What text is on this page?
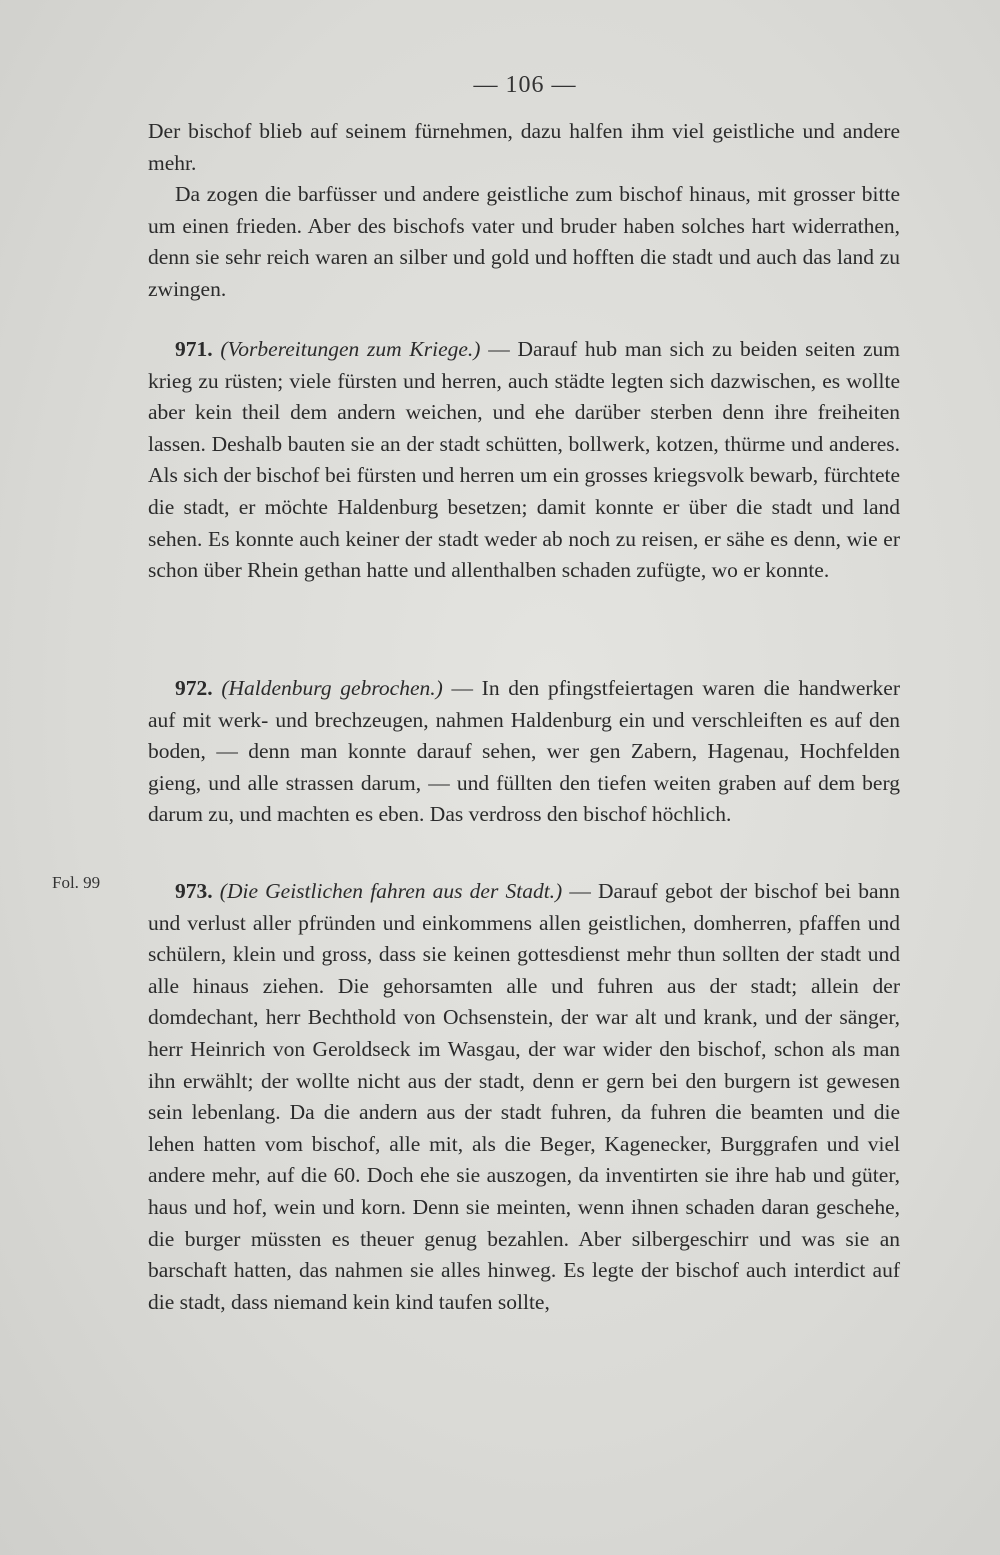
— 106 —
Fol. 99

Der bischof blieb auf seinem fürnehmen, dazu halfen ihm viel geistliche und andere mehr.

Da zogen die barfüsser und andere geistliche zum bischof hinaus, mit grosser bitte um einen frieden. Aber des bischofs vater und bruder haben solches hart widerrathen, denn sie sehr reich waren an silber und gold und hofften die stadt und auch das land zu zwingen.

971. (Vorbereitungen zum Kriege.) — Darauf hub man sich zu beiden seiten zum krieg zu rüsten; viele fürsten und herren, auch städte legten sich dazwischen, es wollte aber kein theil dem andern weichen, und ehe darüber sterben denn ihre freiheiten lassen. Deshalb bauten sie an der stadt schütten, bollwerk, kotzen, thürme und anderes. Als sich der bischof bei fürsten und herren um ein grosses kriegsvolk bewarb, fürchtete die stadt, er möchte Haldenburg besetzen; damit konnte er über die stadt und land sehen. Es konnte auch keiner der stadt weder ab noch zu reisen, er sähe es denn, wie er schon über Rhein gethan hatte und allenthalben schaden zufügte, wo er konnte.

972. (Haldenburg gebrochen.) — In den pfingstfeiertagen waren die handwerker auf mit werk- und brechzeugen, nahmen Haldenburg ein und verschleiften es auf den boden, — denn man konnte darauf sehen, wer gen Zabern, Hagenau, Hochfelden gieng, und alle strassen darum, — und füllten den tiefen weiten graben auf dem berg darum zu, und machten es eben. Das verdross den bischof höchlich.

973. (Die Geistlichen fahren aus der Stadt.) — Darauf gebot der bischof bei bann und verlust aller pfründen und einkommens allen geistlichen, domherren, pfaffen und schülern, klein und gross, dass sie keinen gottesdienst mehr thun sollten der stadt und alle hinaus ziehen. Die gehorsamten alle und fuhren aus der stadt; allein der domdechant, herr Bechthold von Ochsenstein, der war alt und krank, und der sänger, herr Heinrich von Geroldseck im Wasgau, der war wider den bischof, schon als man ihn erwählt; der wollte nicht aus der stadt, denn er gern bei den burgern ist gewesen sein lebenlang. Da die andern aus der stadt fuhren, da fuhren die beamten und die lehen hatten vom bischof, alle mit, als die Beger, Kagenecker, Burggrafen und viel andere mehr, auf die 60. Doch ehe sie auszogen, da inventirten sie ihre hab und güter, haus und hof, wein und korn. Denn sie meinten, wenn ihnen schaden daran geschehe, die burger müssten es theuer genug bezahlen. Aber silbergeschirr und was sie an barschaft hatten, das nahmen sie alles hinweg. Es legte der bischof auch interdict auf die stadt, dass niemand kein kind taufen sollte,
